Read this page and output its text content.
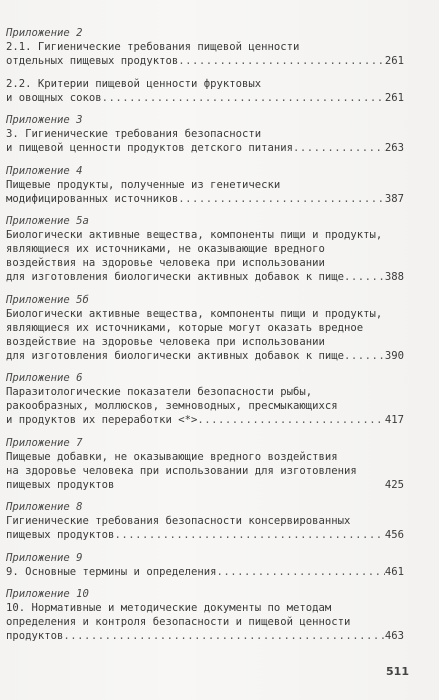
Приложение 2
2.1. Гигиенические требования пищевой ценности
отдельных пищевых продуктов .....	261
2.2. Критерии пищевой ценности фруктовых
и овощных соков .....	261
Приложение 3
3. Гигиенические требования безопасности
и пищевой ценности продуктов детского питания .....	263
Приложение 4
Пищевые продукты, полученные из генетически
модифицированных источников .....	387
Приложение 5а
Биологически активные вещества, компоненты пищи и продукты,
являющиеся их источниками, не оказывающие вредного
воздействия на здоровье человека при использовании
для изготовления биологически активных добавок к пище .....	388
Приложение 5б
Биологически активные вещества, компоненты пищи и продукты,
являющиеся их источниками, которые могут оказать вредное
воздействие на здоровье человека при использовании
для изготовления биологически активных добавок к пище .....	390
Приложение 6
Паразитологические показатели безопасности рыбы,
ракообразных, моллюсков, земноводных, пресмыкающихся
и продуктов их переработки <*> .....	417
Приложение 7
Пищевые добавки, не оказывающие вредного воздействия
на здоровье человека при использовании для изготовления
пищевых продуктов	425
Приложение 8
Гигиенические требования безопасности консервированных
пищевых продуктов .....	456
Приложение 9
9. Основные термины и определения .....	461
Приложение 10
10. Нормативные и методические документы по методам
определения и контроля безопасности и пищевой ценности
продуктов .....	463
511
